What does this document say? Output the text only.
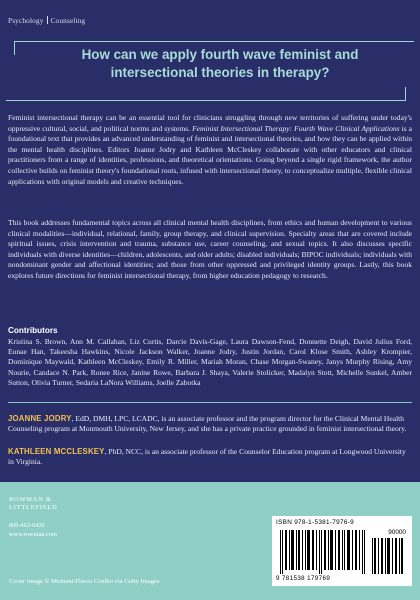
Psychology Counseling
How can we apply fourth wave feminist and intersectional theories in therapy?

Feminist intersectional therapy can be an essential tool for clinicians struggling through new territories of suffering under today's oppressive cultural, social, and political norms and systems. Feminist Intersectional Therapy: Fourth Wave Clinical Applications is a foundational text that provides an advanced understanding of feminist and intersectional theories, and how they can be applied within the mental health disciplines. Editors Joanne Jodry and Kathleen McCleskey collaborate with other educators and clinical practitioners from a range of identities, professions, and theoretical orientations. Going beyond a single rigid framework, the author collective builds on feminist theory's foundational roots, infused with intersectional theory, to conceptualize multiple, flexible clinical applications with original models and creative techniques.

This book addresses fundamental topics across all clinical mental health disciplines, from ethics and human development to various clinical modalities—individual, relational, family, group therapy, and clinical supervision. Specialty areas that are covered include spiritual issues, crisis intervention and trauma, substance use, career counseling, and sexual topics. It also discusses specific individuals with diverse identities—children, adolescents, and older adults; disabled individuals; BIPOC individuals; individuals with nondominant gender and affectional identities; and those from other oppressed and privileged identity groups. Lastly, this book explores future directions for feminist intersectional therapy, from higher education pedagogy to research.

Contributors

Kristina S. Brown, Ann M. Callahan, Liz Curtis, Darcie Davis-Gage, Laura Dawson-Fend, Donnette Deigh, David Julius Ford, Eunae Han, Takeesha Hawkins, Nicole Jackson Walker, Joanne Jodry, Justin Jordan, Carol Klose Smith, Ashley Krompier, Dominique Maywald, Kathleen McCleskey, Emily R. Miller, Mariah Moran, Chase Morgan-Swaney, Janys Murphy Rising, Amy Nourie, Candace N. Park, Ronee Rice, Janine Rowe, Barbara J. Shaya, Valerie Stolicker, Madalyn Stott, Michelle Sunkel, Amber Sutton, Olivia Turner, Sedaria LaNora Williams, Joelle Zabotka

JOANNE JODRY, EdD, DMH, LPC, LCADC, is an associate professor and the program director for the Clinical Mental Health Counseling program at Monmouth University, New Jersey, and she has a private practice grounded in feminist intersectional theory.

KATHLEEN MCCLESKEY, PhD, NCC, is an associate professor of the Counselor Education program at Longwood University in Virginia.

ROWMAN &
LITTLEFIELD
800-462-6420
www.rowman.com
Cover image © Moment/Flavio Coelho via Getty Images
ISBN 978-1-5381-7976-9
90000
9 781538 179769
